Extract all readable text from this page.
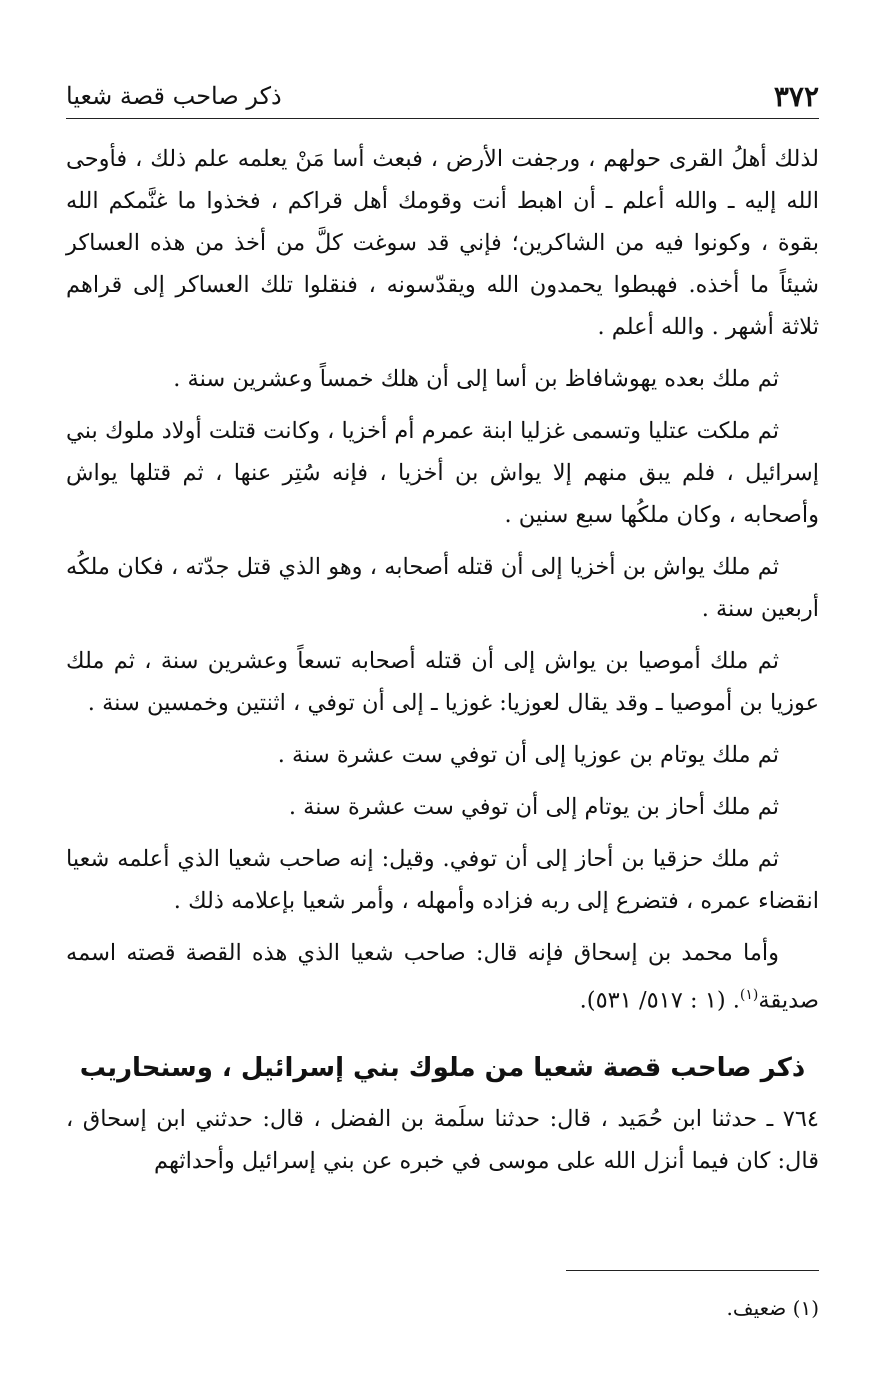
٣٧٢
ذكر صاحب قصة شعيا

لذلك أهلُ القرى حولهم ، ورجفت الأرض ، فبعث أسا مَنْ يعلمه علم ذلك ، فأوحى الله إليه ـ والله أعلم ـ أن اهبط أنت وقومك أهل قراكم ، فخذوا ما غنَّمكم الله بقوة ، وكونوا فيه من الشاكرين؛ فإني قد سوغت كلَّ من أخذ من هذه العساكر شيئاً ما أخذه. فهبطوا يحمدون الله ويقدّسونه ، فنقلوا تلك العساكر إلى قراهم ثلاثة أشهر . والله أعلم .

ثم ملك بعده يهوشافاظ بن أسا إلى أن هلك خمساً وعشرين سنة .

ثم ملكت عتليا وتسمى غزليا ابنة عمرم أم أخزيا ، وكانت قتلت أولاد ملوك بني إسرائيل ، فلم يبق منهم إلا يواش بن أخزيا ، فإنه سُتِر عنها ، ثم قتلها يواش وأصحابه ، وكان ملكُها سبع سنين .

ثم ملك يواش بن أخزيا إلى أن قتله أصحابه ، وهو الذي قتل جدّته ، فكان ملكُه أربعين سنة .

ثم ملك أموصيا بن يواش إلى أن قتله أصحابه تسعاً وعشرين سنة ، ثم ملك عوزيا بن أموصيا ـ وقد يقال لعوزيا: غوزيا ـ إلى أن توفي ، اثنتين وخمسين سنة .

ثم ملك يوتام بن عوزيا إلى أن توفي ست عشرة سنة .

ثم ملك أحاز بن يوتام إلى أن توفي ست عشرة سنة .

ثم ملك حزقيا بن أحاز إلى أن توفي. وقيل: إنه صاحب شعيا الذي أعلمه شعيا انقضاء عمره ، فتضرع إلى ربه فزاده وأمهله ، وأمر شعيا بإعلامه ذلك .

وأما محمد بن إسحاق فإنه قال: صاحب شعيا الذي هذه القصة قصته اسمه صديقة$^{(١)}$. (١ : ٥١٧/ ٥٣١).

ذكر صاحب قصة شعيا من ملوك بني إسرائيل ، وسنحاريب

٧٦٤ ـ حدثنا ابن حُمَيد ، قال: حدثنا سلَمة بن الفضل ، قال: حدثني ابن إسحاق ، قال: كان فيما أنزل الله على موسى في خبره عن بني إسرائيل وأحداثهم

(١) ضعيف.
